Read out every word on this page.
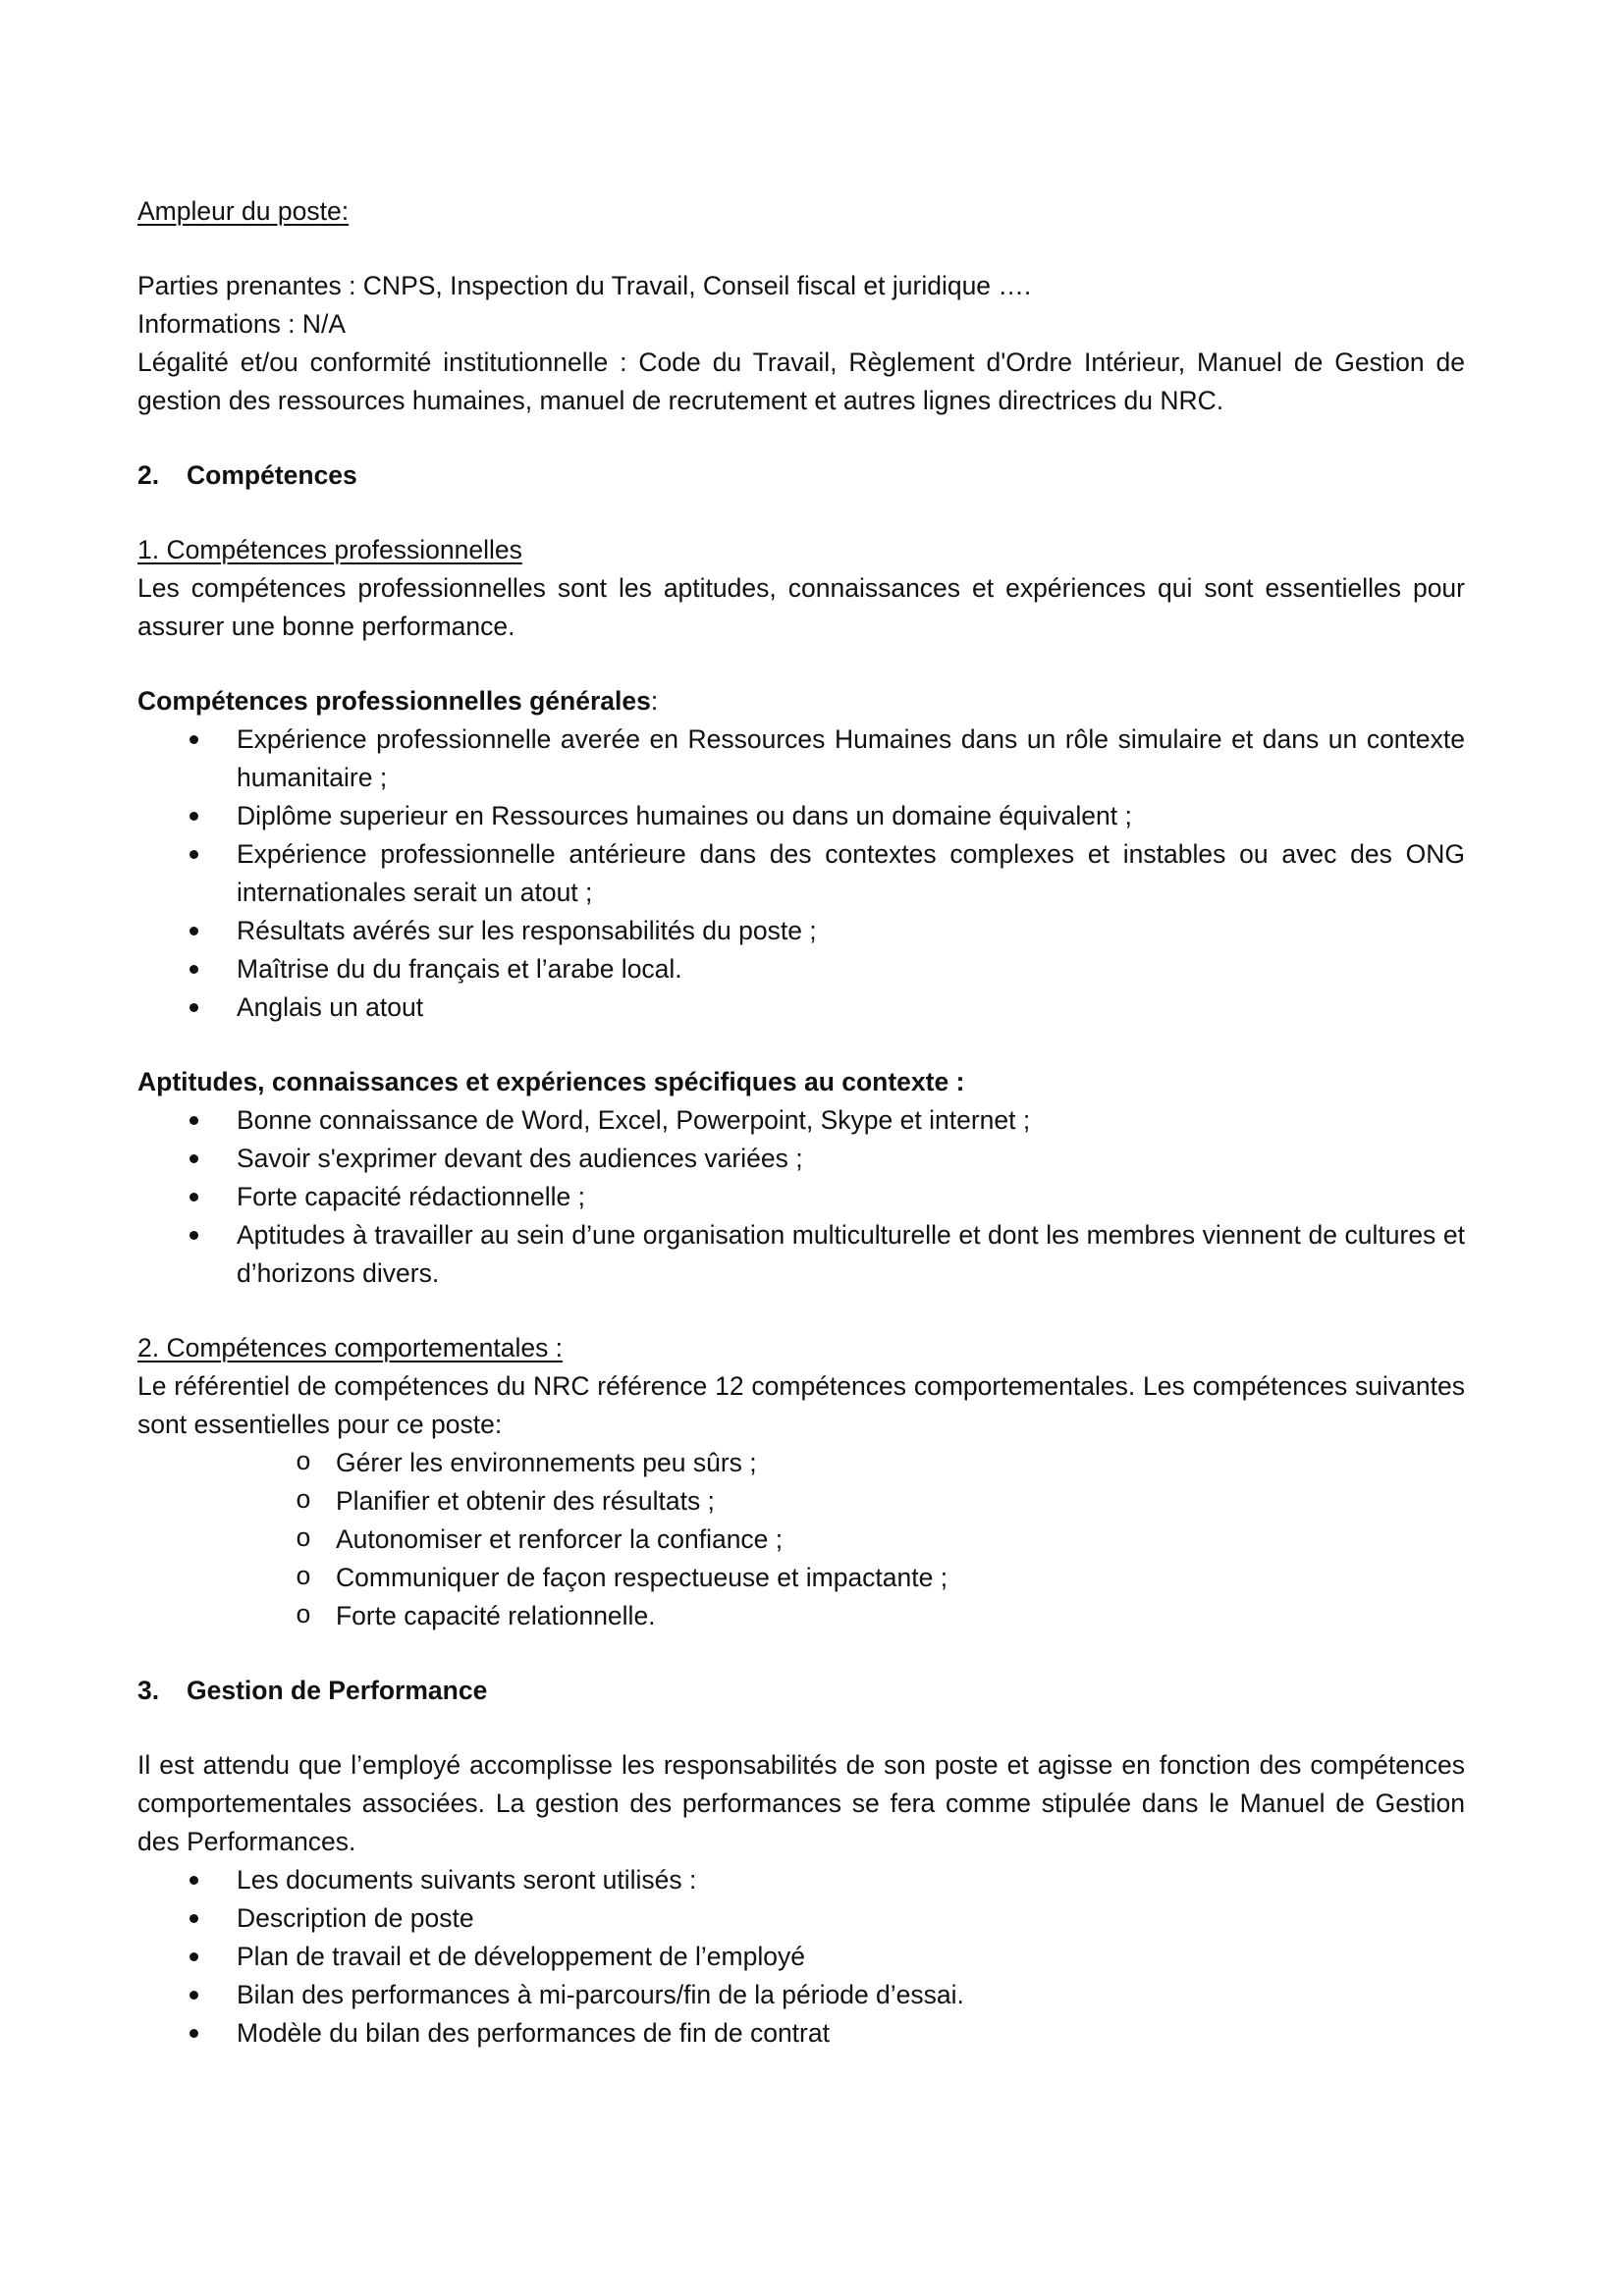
Ampleur du poste:

Parties prenantes : CNPS, Inspection du Travail, Conseil fiscal et juridique ….

Informations : N/A

Légalité et/ou conformité institutionnelle : Code du Travail, Règlement d'Ordre Intérieur, Manuel de Gestion de gestion des ressources humaines, manuel de recrutement et autres lignes directrices du NRC.

2.	Compétences

1. Compétences professionnelles

Les compétences professionnelles sont les aptitudes, connaissances et expériences qui sont essentielles pour assurer une bonne performance.

Compétences professionnelles générales:

Expérience professionnelle averée en Ressources Humaines dans un rôle simulaire et dans un contexte humanitaire ;
Diplôme superieur en Ressources humaines ou dans un domaine équivalent ;
Expérience professionnelle antérieure dans des contextes complexes et instables ou avec des ONG internationales serait un atout ;
Résultats avérés sur les responsabilités du poste ;
Maîtrise du du français et l’arabe local.
Anglais un atout

Aptitudes, connaissances et expériences spécifiques au contexte :

Bonne connaissance de Word, Excel, Powerpoint, Skype et internet ;
Savoir s'exprimer devant des audiences variées ;
Forte capacité rédactionnelle ;
Aptitudes à travailler au sein d’une organisation multiculturelle et dont les membres viennent de cultures et d’horizons divers.

2. Compétences comportementales :

Le référentiel de compétences du NRC référence 12 compétences comportementales. Les compétences suivantes sont essentielles pour ce poste:

o Gérer les environnements peu sûrs ;
o Planifier et obtenir des résultats ;
o Autonomiser et renforcer la confiance ;
o Communiquer de façon respectueuse et impactante ;
o Forte capacité relationnelle.
3.	Gestion de Performance

Il est attendu que l’employé accomplisse les responsabilités de son poste et agisse en fonction des compétences comportementales associées. La gestion des performances se fera comme stipulée dans le Manuel de Gestion des Performances.

Les documents suivants seront utilisés :
Description de poste
Plan de travail et de développement de l’employé
Bilan des performances à mi-parcours/fin de la période d’essai.
Modèle du bilan des performances de fin de contrat
